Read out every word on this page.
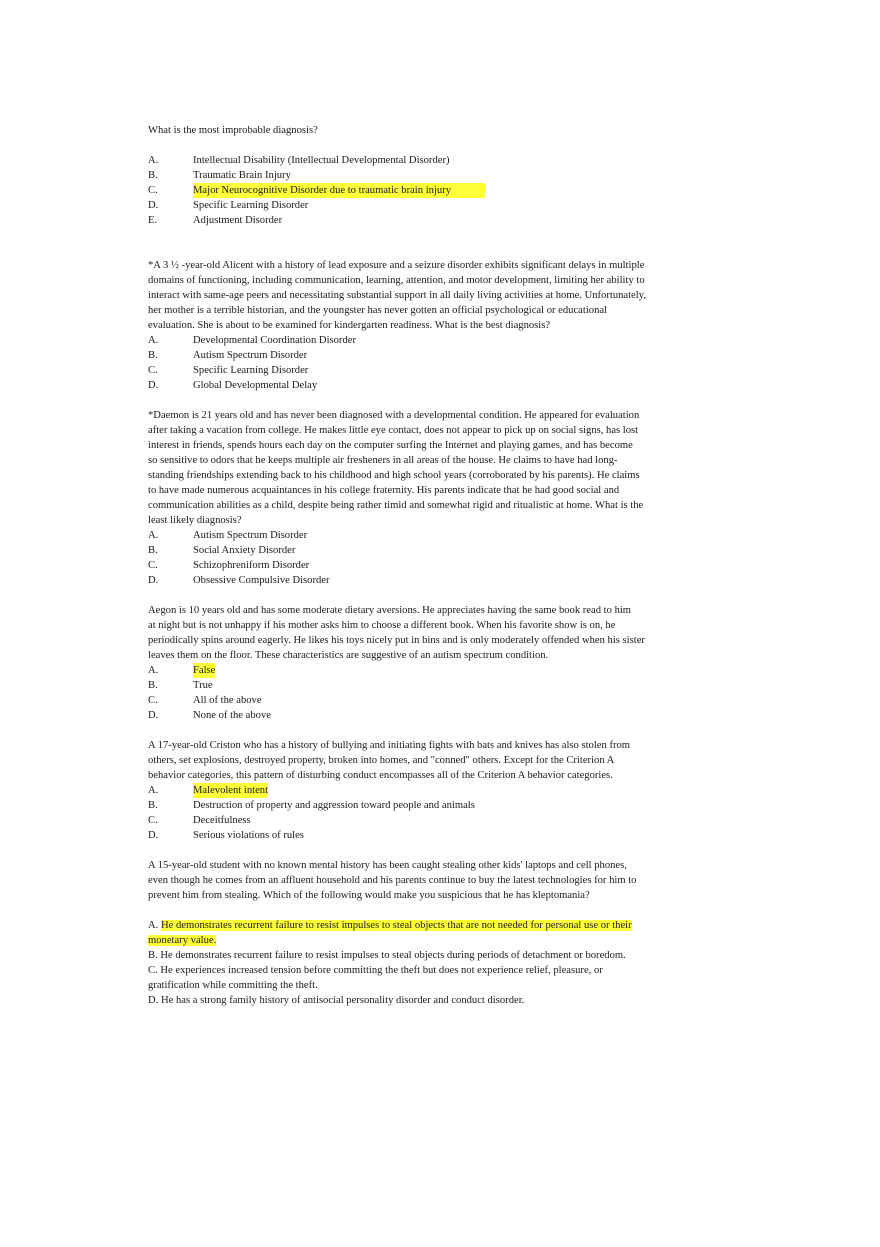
What is the most improbable diagnosis?
A.	Intellectual Disability (Intellectual Developmental Disorder)
B.	Traumatic Brain Injury
C.	Major Neurocognitive Disorder due to traumatic brain injury
D.	Specific Learning Disorder
E.	Adjustment Disorder
*A 3 ½ -year-old Alicent with a history of lead exposure and a seizure disorder exhibits significant delays in multiple
domains of functioning, including communication, learning, attention, and motor development, limiting her ability to
interact with same-age peers and necessitating substantial support in all daily living activities at home. Unfortunately,
her mother is a terrible historian, and the youngster has never gotten an official psychological or educational
evaluation. She is about to be examined for kindergarten readiness. What is the best diagnosis?
A.	Developmental Coordination Disorder
B.	Autism Spectrum Disorder
C.	Specific Learning Disorder
D.	Global Developmental Delay
*Daemon is 21 years old and has never been diagnosed with a developmental condition. He appeared for evaluation
after taking a vacation from college. He makes little eye contact, does not appear to pick up on social signs, has lost
interest in friends, spends hours each day on the computer surfing the Internet and playing games, and has become
so sensitive to odors that he keeps multiple air fresheners in all areas of the house. He claims to have had long-
standing friendships extending back to his childhood and high school years (corroborated by his parents). He claims
to have made numerous acquaintances in his college fraternity. His parents indicate that he had good social and
communication abilities as a child, despite being rather timid and somewhat rigid and ritualistic at home. What is the
least likely diagnosis?
A.	Autism Spectrum Disorder
B.	Social Anxiety Disorder
C.	Schizophreniform Disorder
D.	Obsessive Compulsive Disorder
Aegon is 10 years old and has some moderate dietary aversions. He appreciates having the same book read to him
at night but is not unhappy if his mother asks him to choose a different book. When his favorite show is on, he
periodically spins around eagerly. He likes his toys nicely put in bins and is only moderately offended when his sister
leaves them on the floor. These characteristics are suggestive of an autism spectrum condition.
A.	False
B.	True
C.	All of the above
D.	None of the above
A 17-year-old Criston who has a history of bullying and initiating fights with bats and knives has also stolen from
others, set explosions, destroyed property, broken into homes, and "conned" others. Except for the Criterion A
behavior categories, this pattern of disturbing conduct encompasses all of the Criterion A behavior categories.
A.	Malevolent intent
B.	Destruction of property and aggression toward people and animals
C.	Deceitfulness
D.	Serious violations of rules
A 15-year-old student with no known mental history has been caught stealing other kids' laptops and cell phones,
even though he comes from an affluent household and his parents continue to buy the latest technologies for him to
prevent him from stealing. Which of the following would make you suspicious that he has kleptomania?
A. He demonstrates recurrent failure to resist impulses to steal objects that are not needed for personal use or their
monetary value.
B. He demonstrates recurrent failure to resist impulses to steal objects during periods of detachment or boredom.
C. He experiences increased tension before committing the theft but does not experience relief, pleasure, or
gratification while committing the theft.
D. He has a strong family history of antisocial personality disorder and conduct disorder.
